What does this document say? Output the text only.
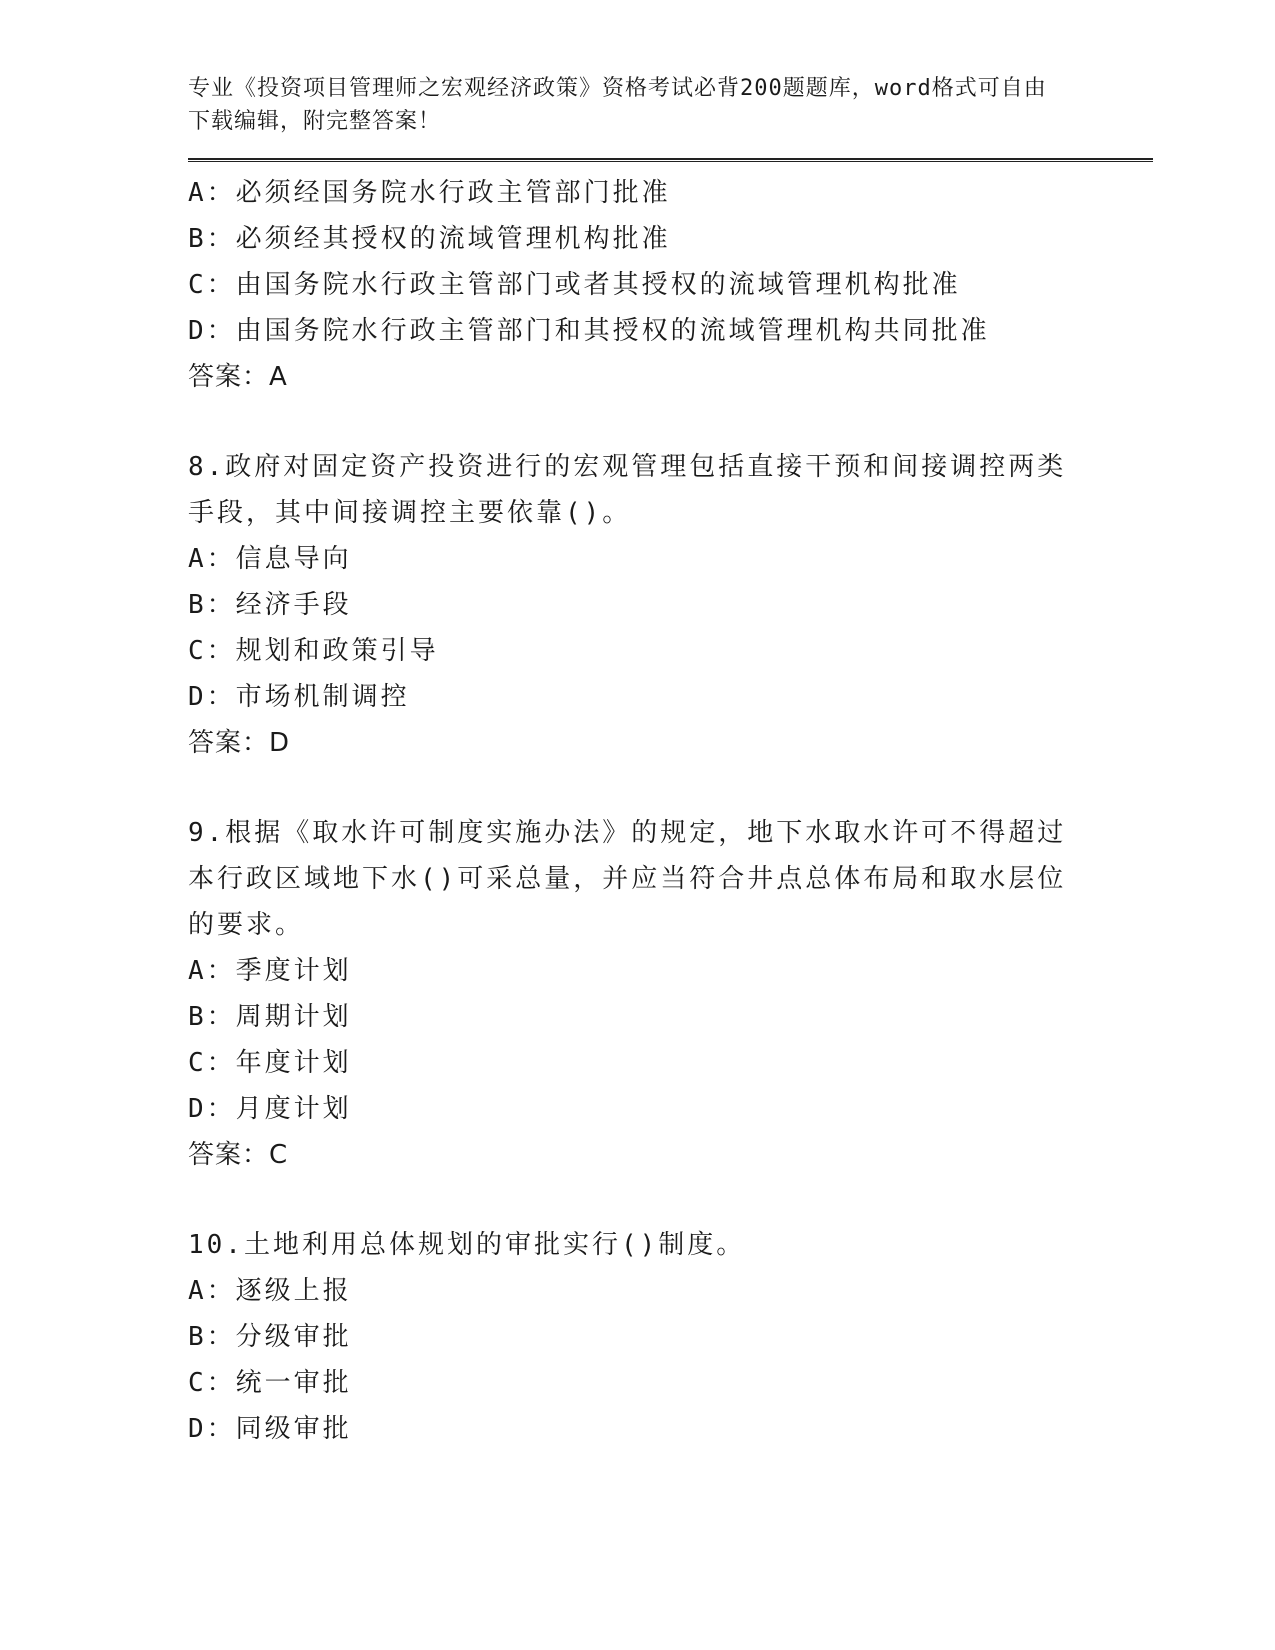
专业《投资项目管理师之宏观经济政策》资格考试必背200题题库，word格式可自由下载编辑，附完整答案！
A：必须经国务院水行政主管部门批准
B：必须经其授权的流域管理机构批准
C：由国务院水行政主管部门或者其授权的流域管理机构批准
D：由国务院水行政主管部门和其授权的流域管理机构共同批准
答案：A
8.政府对固定资产投资进行的宏观管理包括直接干预和间接调控两类手段，其中间接调控主要依靠()。
A：信息导向
B：经济手段
C：规划和政策引导
D：市场机制调控
答案：D
9.根据《取水许可制度实施办法》的规定，地下水取水许可不得超过本行政区域地下水()可采总量，并应当符合井点总体布局和取水层位的要求。
A：季度计划
B：周期计划
C：年度计划
D：月度计划
答案：C
10.土地利用总体规划的审批实行()制度。
A：逐级上报
B：分级审批
C：统一审批
D：同级审批
